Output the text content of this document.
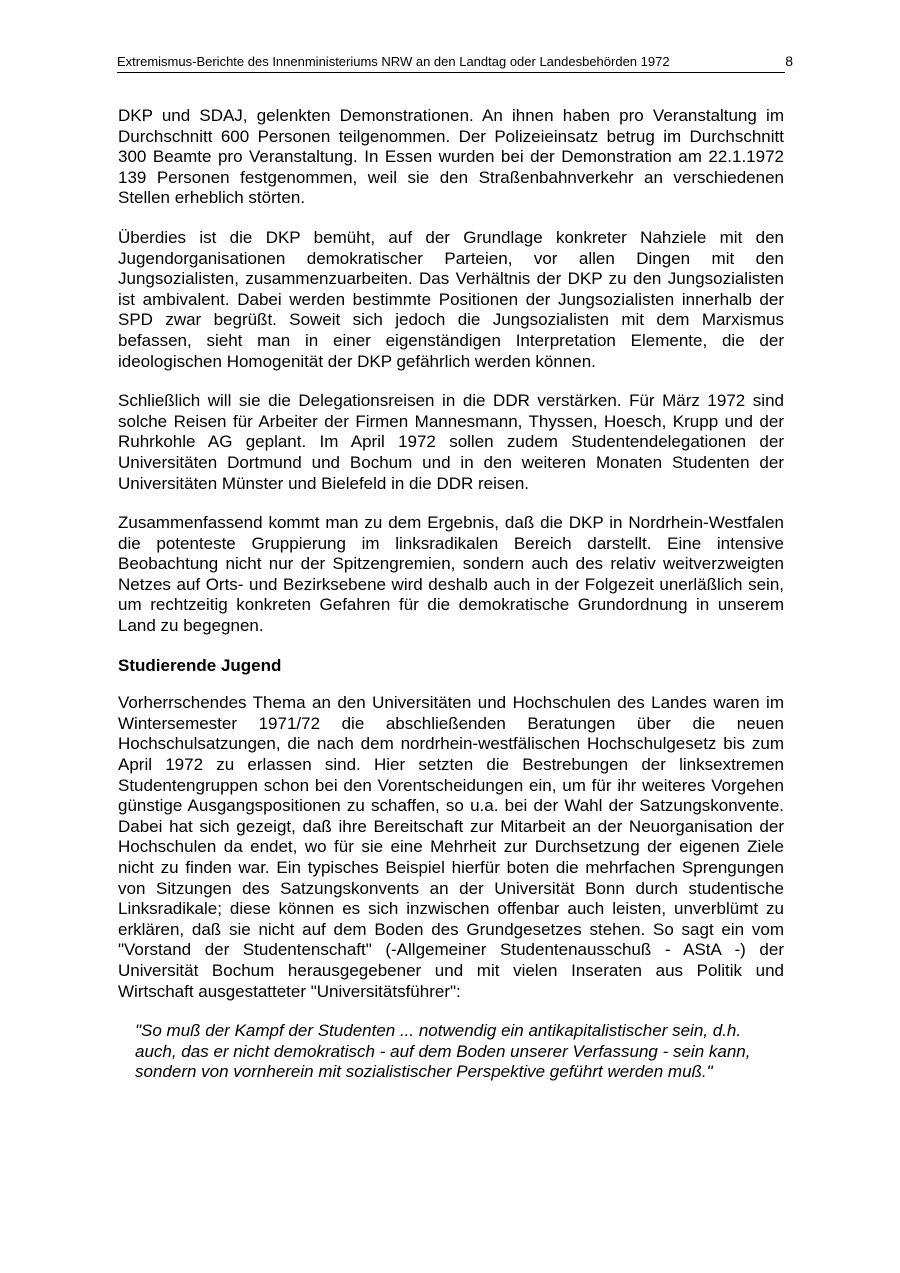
Extremismus-Berichte des Innenministeriums NRW an den Landtag oder Landesbehörden 1972	8

DKP und SDAJ, gelenkten Demonstrationen. An ihnen haben pro Veranstaltung im Durchschnitt 600 Personen teilgenommen. Der Polizeieinsatz betrug im Durchschnitt 300 Beamte pro Veranstaltung. In Essen wurden bei der Demonstration am 22.1.1972 139 Personen festgenommen, weil sie den Straßenbahnverkehr an verschiedenen Stellen erheblich störten.

Überdies ist die DKP bemüht, auf der Grundlage konkreter Nahziele mit den Jugendorganisationen demokratischer Parteien, vor allen Dingen mit den Jungsozialisten, zusammenzuarbeiten. Das Verhältnis der DKP zu den Jungsozialisten ist ambivalent. Dabei werden bestimmte Positionen der Jungsozialisten innerhalb der SPD zwar begrüßt. Soweit sich jedoch die Jungsozialisten mit dem Marxismus befassen, sieht man in einer eigenständigen Interpretation Elemente, die der ideologischen Homogenität der DKP gefährlich werden können.

Schließlich will sie die Delegationsreisen in die DDR verstärken. Für März 1972 sind solche Reisen für Arbeiter der Firmen Mannesmann, Thyssen, Hoesch, Krupp und der Ruhrkohle AG geplant. Im April 1972 sollen zudem Studentendelegationen der Universitäten Dortmund und Bochum und in den weiteren Monaten Studenten der Universitäten Münster und Bielefeld in die DDR reisen.

Zusammenfassend kommt man zu dem Ergebnis, daß die DKP in Nordrhein-Westfalen die potenteste Gruppierung im linksradikalen Bereich darstellt. Eine intensive Beobachtung nicht nur der Spitzengremien, sondern auch des relativ weitverzweigten Netzes auf Orts- und Bezirksebene wird deshalb auch in der Folgezeit unerläßlich sein, um rechtzeitig konkreten Gefahren für die demokratische Grundordnung in unserem Land zu begegnen.

Studierende Jugend

Vorherrschendes Thema an den Universitäten und Hochschulen des Landes waren im Wintersemester 1971/72 die abschließenden Beratungen über die neuen Hochschulsatzungen, die nach dem nordrhein-westfälischen Hochschulgesetz bis zum April 1972 zu erlassen sind. Hier setzten die Bestrebungen der linksextremen Studentengruppen schon bei den Vorentscheidungen ein, um für ihr weiteres Vorgehen günstige Ausgangspositionen zu schaffen, so u.a. bei der Wahl der Satzungskonvente. Dabei hat sich gezeigt, daß ihre Bereitschaft zur Mitarbeit an der Neuorganisation der Hochschulen da endet, wo für sie eine Mehrheit zur Durchsetzung der eigenen Ziele nicht zu finden war. Ein typisches Beispiel hierfür boten die mehrfachen Sprengungen von Sitzungen des Satzungskonvents an der Universität Bonn durch studentische Linksradikale; diese können es sich inzwischen offenbar auch leisten, unverblümt zu erklären, daß sie nicht auf dem Boden des Grundgesetzes stehen. So sagt ein vom "Vorstand der Studentenschaft" (-Allgemeiner Studentenausschuß - AStA -) der Universität Bochum herausgegebener und mit vielen Inseraten aus Politik und Wirtschaft ausgestatteter "Universitätsführer":

"So muß der Kampf der Studenten ... notwendig ein antikapitalistischer sein, d.h. auch, das er nicht demokratisch - auf dem Boden unserer Verfassung - sein kann, sondern von vornherein mit sozialistischer Perspektive geführt werden muß."
